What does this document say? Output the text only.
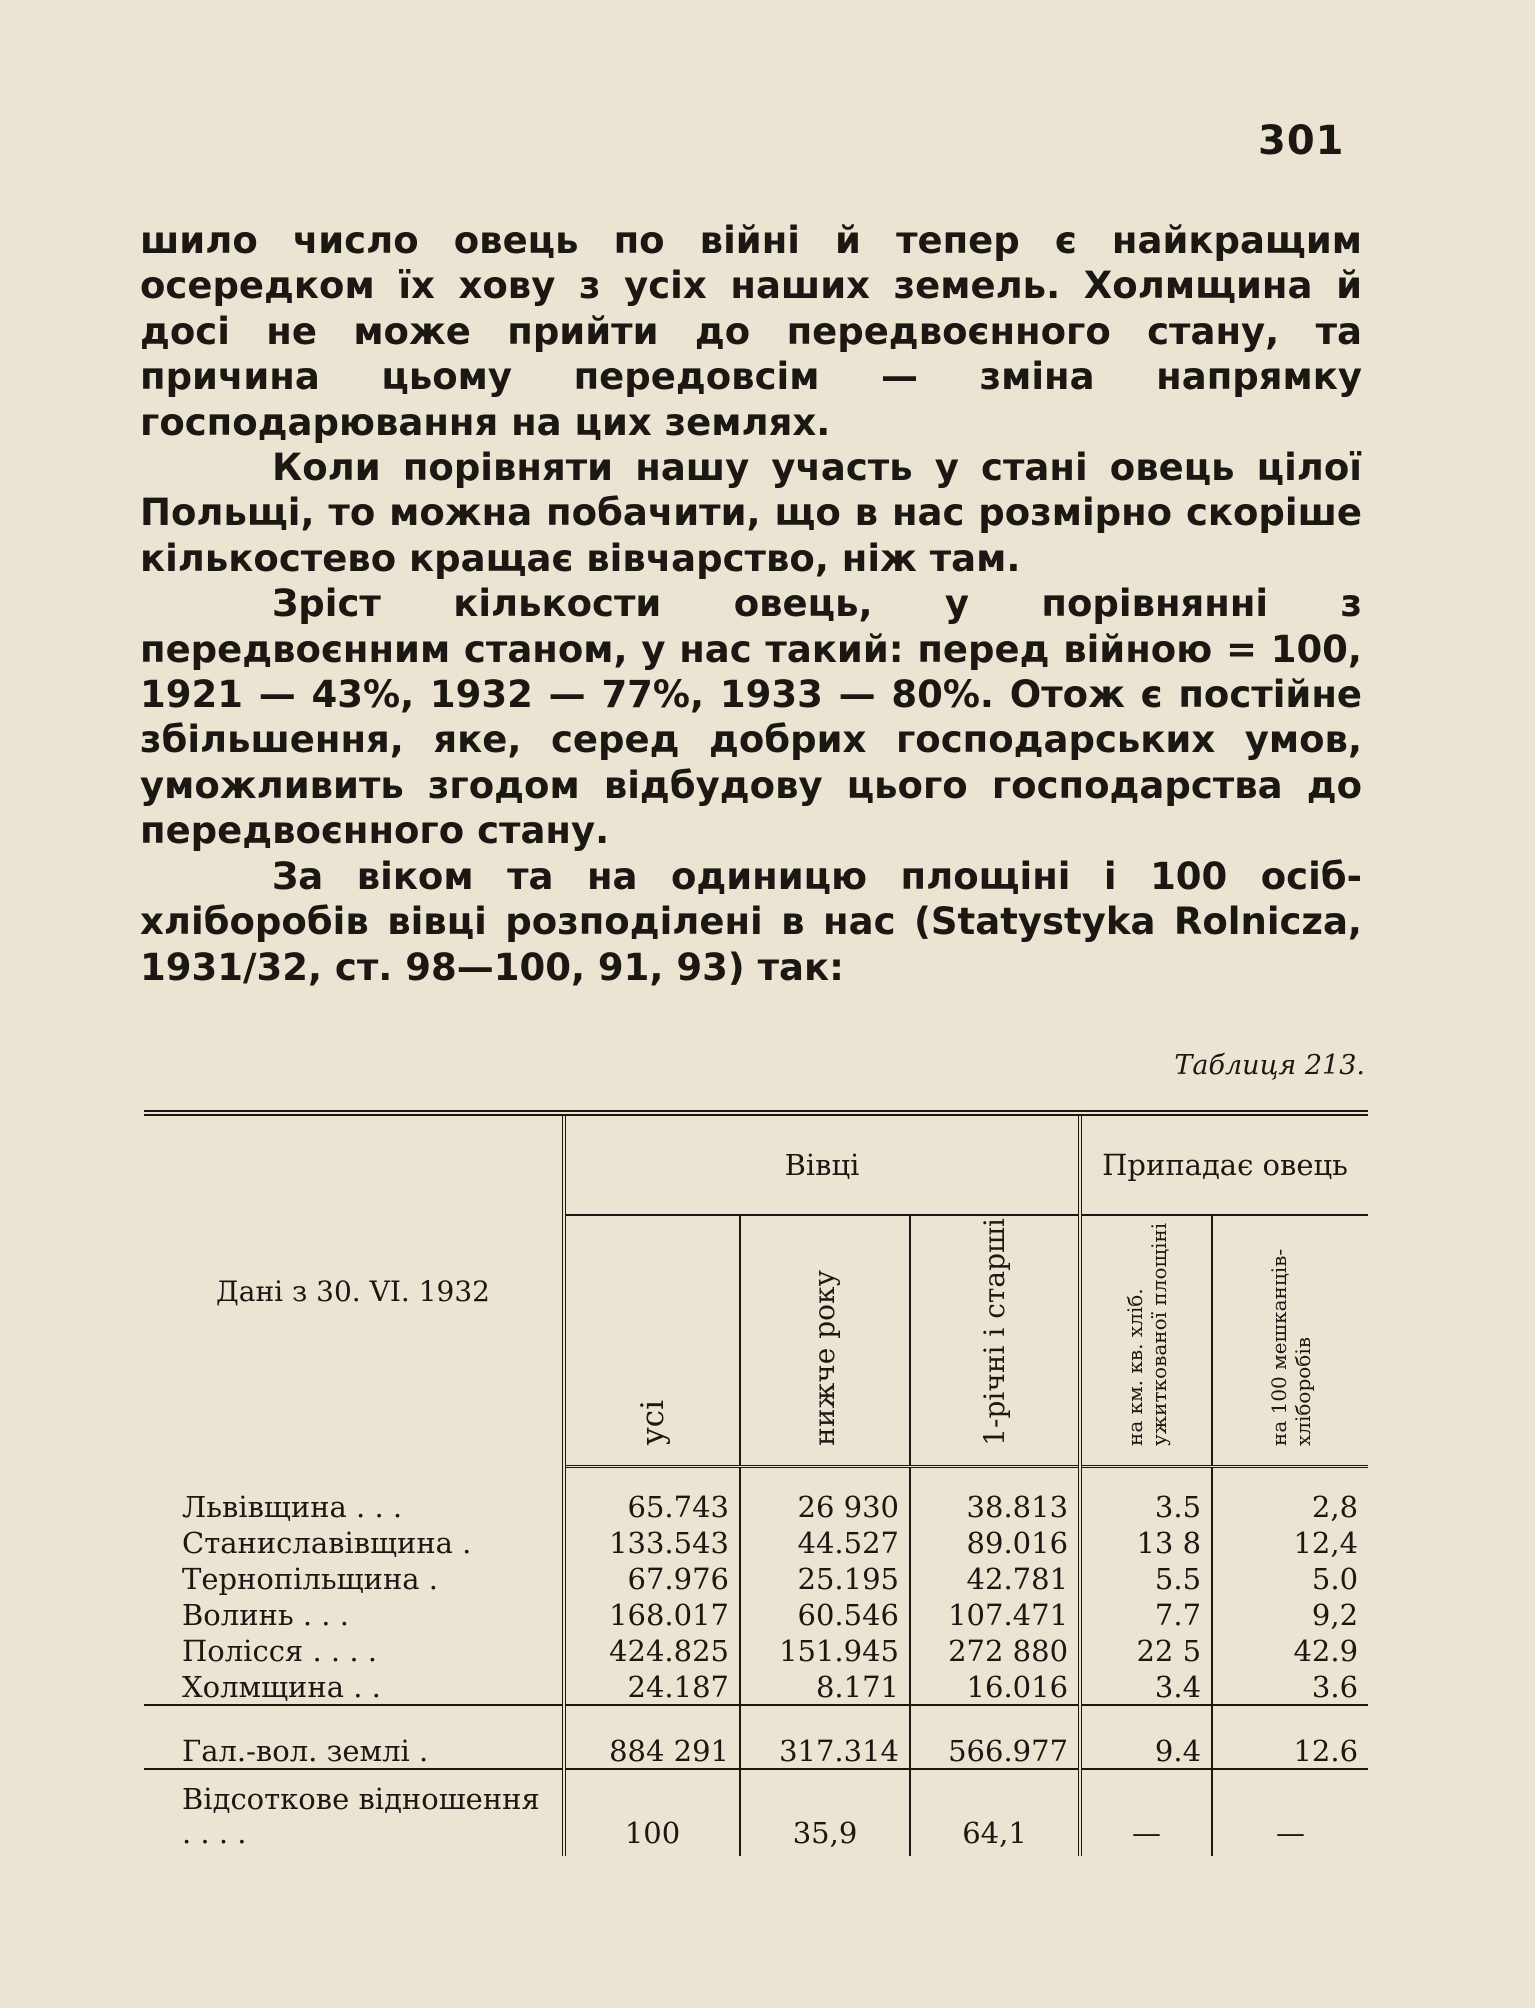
301

шило число овець по війні й тепер є найкращим осередком їх хову з усіх наших земель. Холмщина й досі не може прийти до передвоєнного стану, та причина цьому передовсім — зміна напрямку господарювання на цих землях.

Коли порівняти нашу участь у стані овець цілої Польщі, то можна побачити, що в нас розмірно скоріше кількостево кращає вівчарство, ніж там.

Зріст кількости овець, у порівнянні з передвоєнним станом, у нас такий: перед війною = 100, 1921 — 43%, 1932 — 77%, 1933 — 80%. Отож є постійне збільшення, яке, серед добрих господарських умов, уможливить згодом відбудову цього господарства до передвоєнного стану.

За віком та на одиницю площіні і 100 осіб-хліборобів вівці розподілені в нас (Statystyka Rolnicza, 1931/32, ст. 98—100, 91, 93) так:

Таблиця 213.
Дані з 30. VI. 1932	Вівці			Припадає овець	
	усі	нижче року	1-річні і старші	на км. кв. хліб. ужиткованої площіні	на 100 мешканців-хліборобів
Львівщина . . .	65.743	26 930	38.813	3.5	2,8
Станиславівщина .	133.543	44.527	89.016	13 8	12,4
Тернопільщина .	67.976	25.195	42.781	5.5	5.0
Волинь . . .	168.017	60.546	107.471	7.7	9,2
Полісся . . . .	424.825	151.945	272 880	22 5	42.9
Холмщина . .	24.187	8.171	16.016	3.4	3.6
Гал.-вол. землі .	884 291	317.314	566.977	9.4	12.6
Відсоткове відношення . . . .	100	35,9	64,1	—	—
